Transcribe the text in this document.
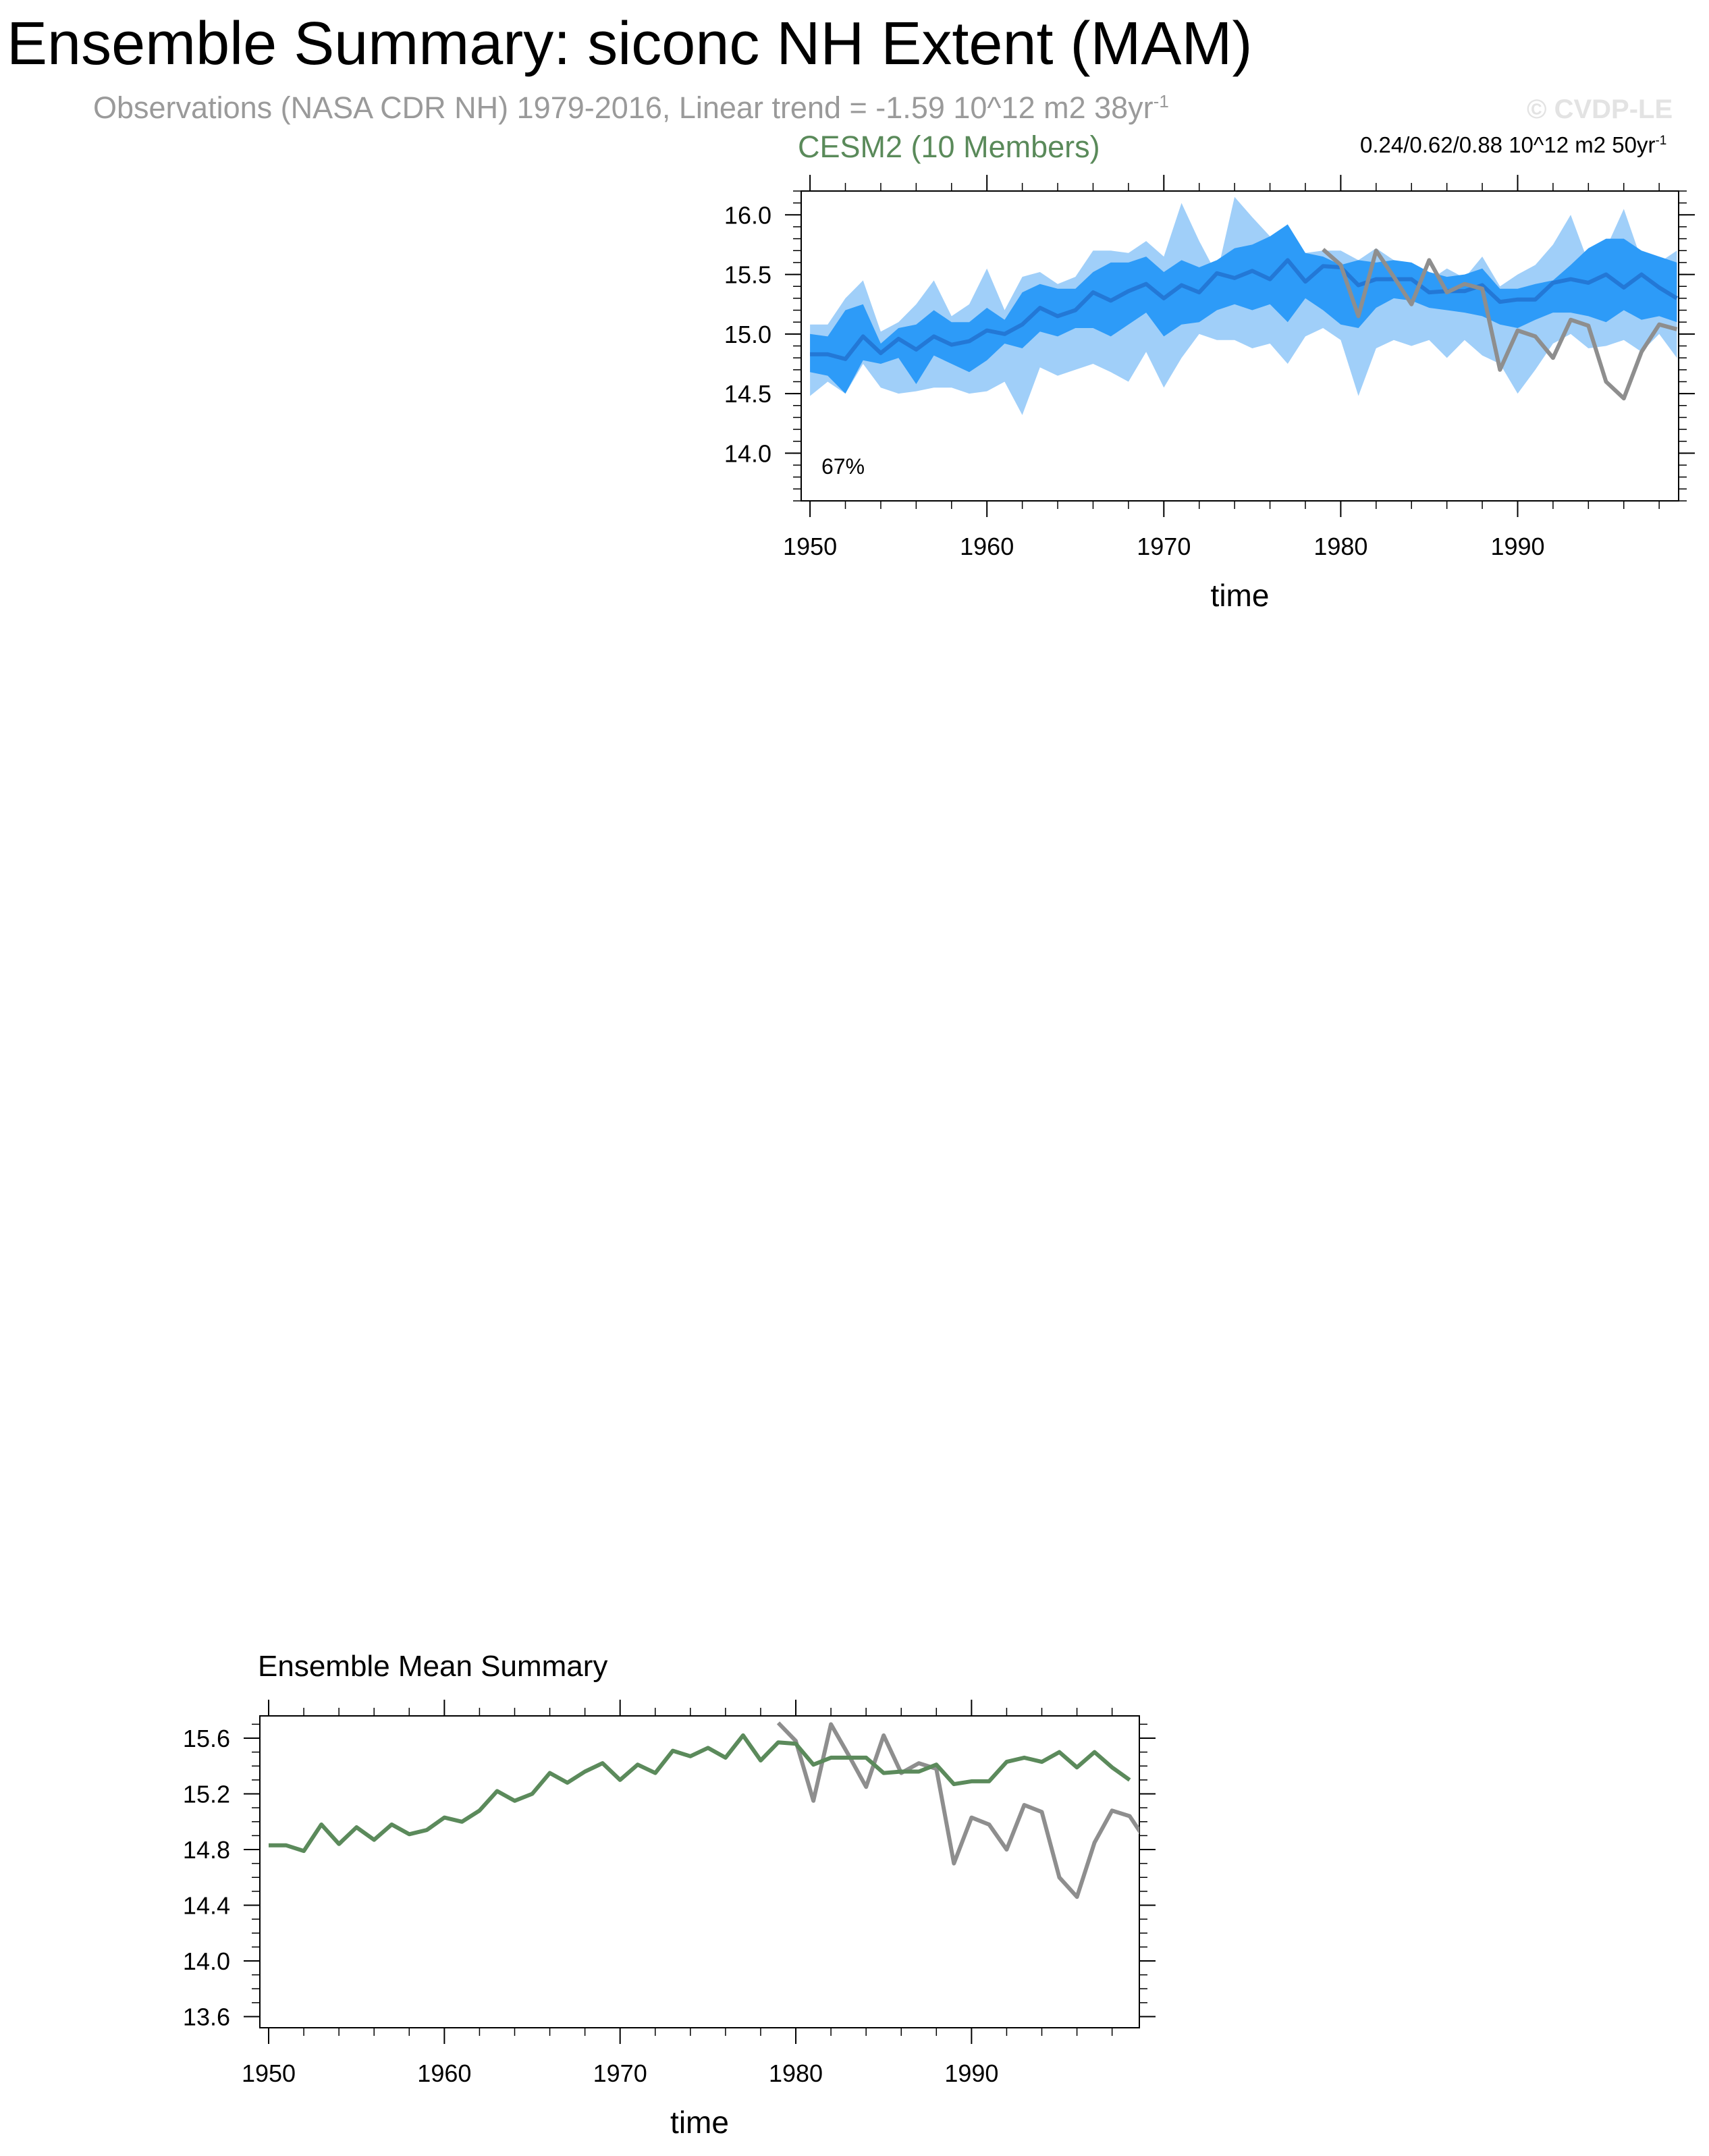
Ensemble Summary: siconc NH Extent (MAM)
Observations (NASA CDR NH) 1979-2016, Linear trend = -1.59 10^12 m2 $38yr^{-1}$	© CVDP-LE
CESM2 (10 Members)	0.24/0.62/0.88 10^12 m2 $50yr^{-1}$
Ensemble Mean Summary
14.0
14.5
15.0
15.5
16.0
1950	1960	1970	1980	1990
time
67%
13.6
14.0
14.4
14.8
15.2
15.6
1950	1960	1970	1980	1990
time
